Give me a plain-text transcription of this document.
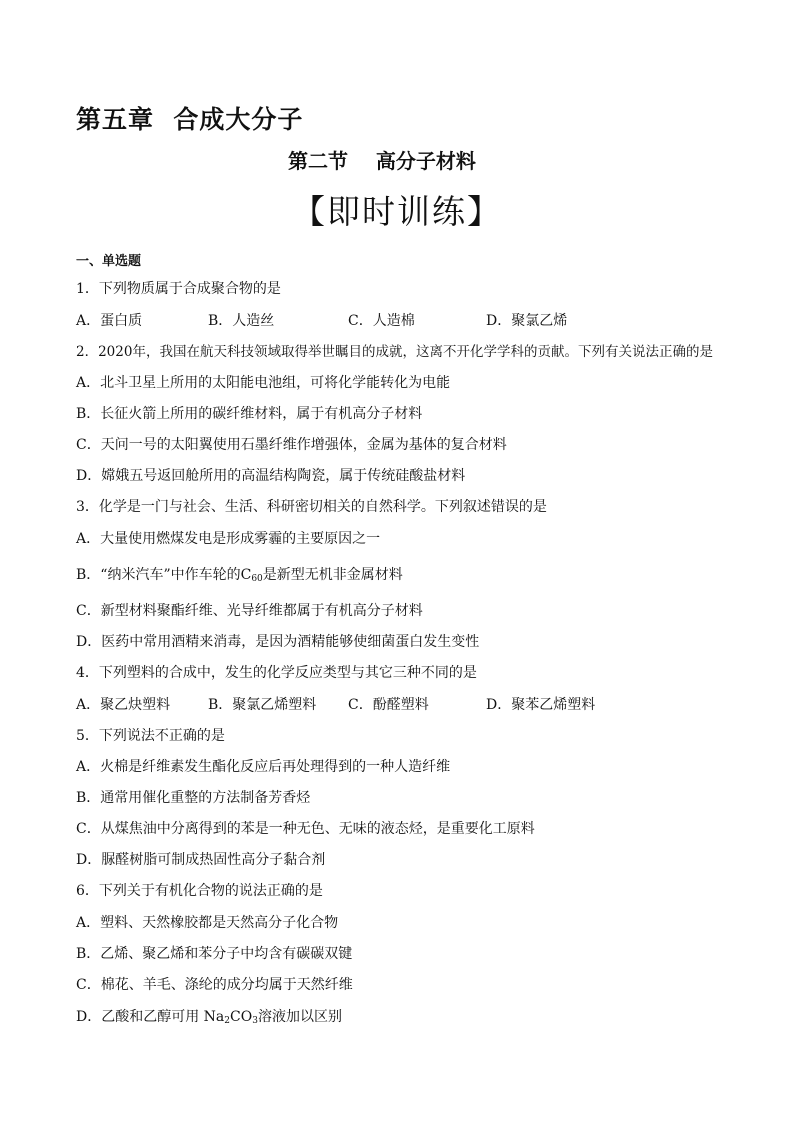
第五章  合成大分子
第二节    高分子材料
【即时训练】
一、单选题
1．下列物质属于合成聚合物的是
A．蛋白质	B．人造丝	C．人造棉	D．聚氯乙烯
2．2020年，我国在航天科技领域取得举世瞩目的成就，这离不开化学学科的贡献。下列有关说法正确的是
A．北斗卫星上所用的太阳能电池组，可将化学能转化为电能
B．长征火箭上所用的碳纤维材料，属于有机高分子材料
C．天问一号的太阳翼使用石墨纤维作增强体，金属为基体的复合材料
D．嫦娥五号返回舱所用的高温结构陶瓷，属于传统硅酸盐材料
3．化学是一门与社会、生活、科研密切相关的自然科学。下列叙述错误的是
A．大量使用燃煤发电是形成雾霾的主要原因之一
B．“纳米汽车”中作车轮的$C_{60}$是新型无机非金属材料
C．新型材料聚酯纤维、光导纤维都属于有机高分子材料
D．医药中常用酒精来消毒，是因为酒精能够使细菌蛋白发生变性
4．下列塑料的合成中，发生的化学反应类型与其它三种不同的是
A．聚乙炔塑料	B．聚氯乙烯塑料 C．酚醛塑料	D．聚苯乙烯塑料
5．下列说法不正确的是
A．火棉是纤维素发生酯化反应后再处理得到的一种人造纤维
B．通常用催化重整的方法制备芳香烃
C．从煤焦油中分离得到的苯是一种无色、无味的液态烃，是重要化工原料
D．脲醛树脂可制成热固性高分子黏合剂
6．下列关于有机化合物的说法正确的是
A．塑料、天然橡胶都是天然高分子化合物
B．乙烯、聚乙烯和苯分子中均含有碳碳双键
C．棉花、羊毛、涤纶的成分均属于天然纤维
D．乙酸和乙醇可用 $Na_2CO_3$溶液加以区别
